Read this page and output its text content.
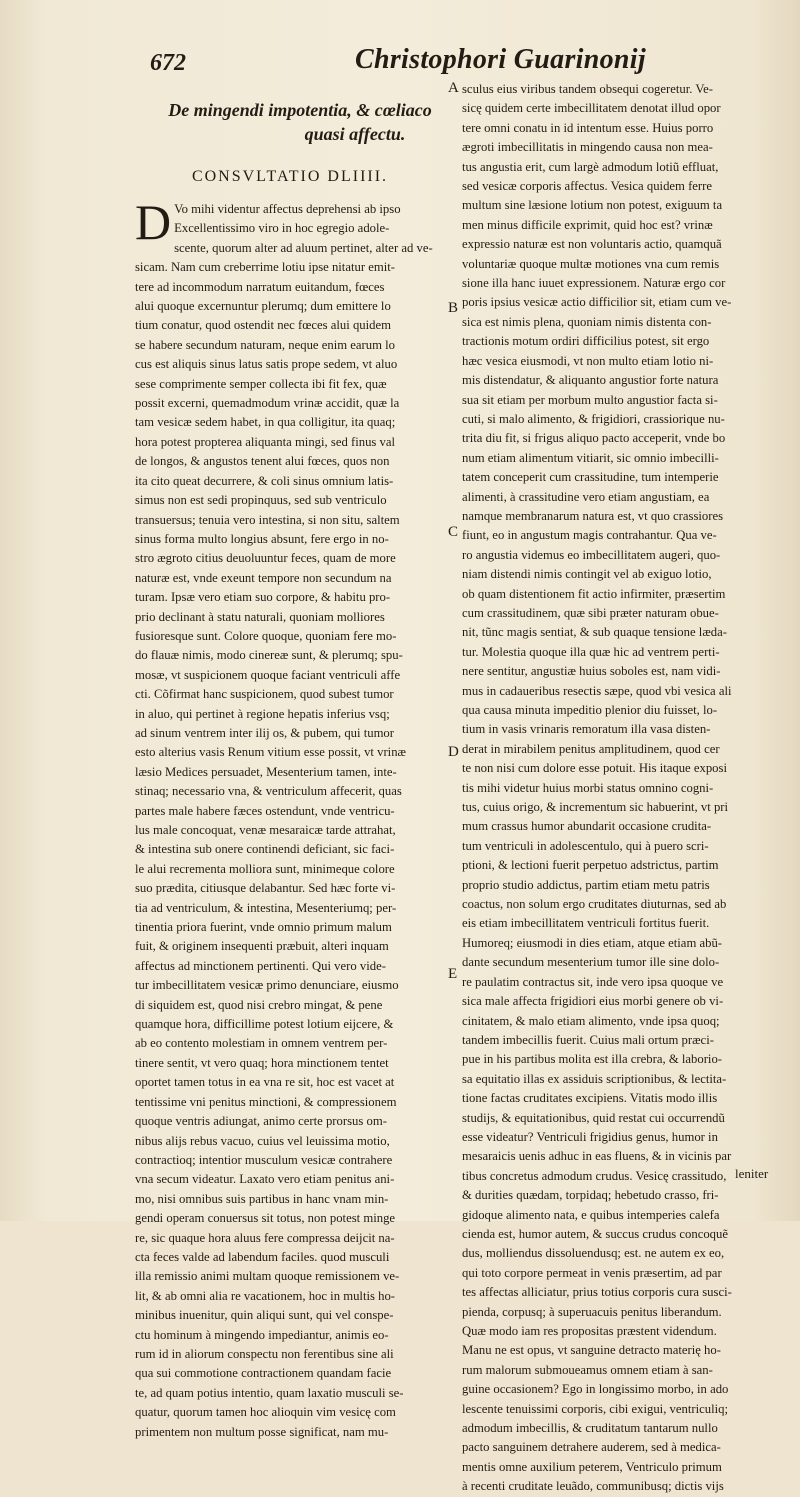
672	Christophori Guarinonij
De mingendi impotentia, & cœliaco
quasi affectu.
CONSVLTATIO DLIIII.
D Vo mihi videntur affectus deprehensi ab ipso
Excellentissimo viro in hoc egregio adole-
scente, quorum alter ad aluum pertinet, alter ad ve-
sicam. Nam cum creberrime lotiu ipse nitatur emit-
tere ad incommodum narratum euitandum, fœces
alui quoque excernuntur plerumq; dum emittere lo
tium conatur, quod ostendit nec fœces alui quidem
se habere secundum naturam, neque enim earum lo
cus est aliquis sinus latus satis prope sedem, vt aluo
sese comprimente semper collecta ibi fit fex, quæ
possit excerni, quemadmodum vrinæ accidit, quæ la
tam vesicæ sedem habet, in qua colligitur, ita quaq;
hora potest propterea aliquanta mingi, sed finus val
de longos, & angustos tenent alui fœces, quos non
ita cito queat decurrere, & coli sinus omnium latis-
simus non est sedi propinquus, sed sub ventriculo
transuersus; tenuia vero intestina, si non situ, saltem
sinus forma multo longius absunt, fere ergo in no-
stro ægroto citius deuoluuntur feces, quam de more
naturæ est, vnde exeunt tempore non secundum na
turam. Ipsæ vero etiam suo corpore, & habitu pro-
prio declinant à statu naturali, quoniam molliores
fusioresque sunt. Colore quoque, quoniam fere mo-
do flauæ nimis, modo cinereæ sunt, & plerumq; spu-
mosæ, vt suspicionem quoque faciant ventriculi affe
cti. Cõfirmat hanc suspicionem, quod subest tumor
in aluo, qui pertinet à regione hepatis inferius vsq;
ad sinum ventrem inter ilij os, & pubem, qui tumor
esto alterius vasis Renum vitium esse possit, vt vrinæ
læsio Medices persuadet, Mesenterium tamen, inte-
stinaq; necessario vna, & ventriculum affecerit, quas
partes male habere fæces ostendunt, vnde ventricu-
lus male concoquat, venæ mesaraicæ tarde attrahat,
& intestina sub onere continendi deficiant, sic faci-
le alui recrementa molliora sunt, minimeque colore
suo prædita, citiusque delabantur. Sed hæc forte vi-
tia ad ventriculum, & intestina, Mesenteriumq; per-
tinentia priora fuerint, vnde omnio primum malum
fuit, & originem insequenti præbuit, alteri inquam
affectus ad minctionem pertinenti. Qui vero vide-
tur imbecillitatem vesicæ primo denunciare, eiusmo
di siquidem est, quod nisi crebro mingat, & pene
quamque hora, difficillime potest lotium eijcere, &
ab eo contento molestiam in omnem ventrem per-
tinere sentit, vt vero quaq; hora minctionem tentet
oportet tamen totus in ea vna re sit, hoc est vacet at
tentissime vni penitus minctioni, & compressionem
quoque ventris adiungat, animo certe prorsus om-
nibus alijs rebus vacuo, cuius vel leuissima motio,
contractioq; intentior musculum vesicæ contrahere
vna secum videatur. Laxato vero etiam penitus ani-
mo, nisi omnibus suis partibus in hanc vnam min-
gendi operam conuersus sit totus, non potest minge
re, sic quaque hora aluus fere compressa deijcit na-
cta feces valde ad labendum faciles. quod musculi
illa remissio animi multam quoque remissionem ve-
lit, & ab omni alia re vacationem, hoc in multis ho-
minibus inuenitur, quin aliqui sunt, qui vel conspe-
ctu hominum à mingendo impediantur, animis eo-
rum id in aliorum conspectu non ferentibus sine ali
qua sui commotione contractionem quandam facie
te, ad quam potius intentio, quam laxatio musculi se-
quatur, quorum tamen hoc alioquin vim vesicę com
primentem non multum posse significat, nam mu-
sculus eius viribus tandem obsequi cogeretur. Ve-
sicę quidem certe imbecillitatem denotat illud opor
tere omni conatu in id intentum esse. Huius porro
ægroti imbecillitatis in mingendo causa non mea-
tus angustia erit, cum largè admodum lotiũ effluat,
sed vesicæ corporis affectus. Vesica quidem ferre
multum sine læsione lotium non potest, exiguum ta
men minus difficile exprimit, quid hoc est? vrinæ
expressio naturæ est non voluntaris actio, quamquã
voluntariæ quoque multæ motiones vna cum remis
sione illa hanc iuuet expressionem. Naturæ ergo cor
poris ipsius vesicæ actio difficilior sit, etiam cum ve-
sica est nimis plena, quoniam nimis distenta con-
tractionis motum ordiri difficilius potest, sit ergo
hæc vesica eiusmodi, vt non multo etiam lotio ni-
mis distendatur, & aliquanto angustior forte natura
sua sit etiam per morbum multo angustior facta si-
cuti, si malo alimento, & frigidiori, crassiorique nu-
trita diu fit, si frigus aliquo pacto acceperit, vnde bo
num etiam alimentum vitiarit, sic omnio imbecilli-
tatem conceperit cum crassitudine, tum intemperie
alimenti, à crassitudine vero etiam angustiam, ea
namque membranarum natura est, vt quo crassiores
fiunt, eo in angustum magis contrahantur. Qua ve-
ro angustia videmus eo imbecillitatem augeri, quo-
niam distendi nimis contingit vel ab exiguo lotio,
ob quam distentionem fit actio infirmiter, præsertim
cum crassitudinem, quæ sibi præter naturam obue-
nit, tũnc magis sentiat, & sub quaque tensione læda-
tur. Molestia quoque illa quæ hic ad ventrem perti-
nere sentitur, angustiæ huius soboles est, nam vidi-
mus in cadaueribus resectis sæpe, quod vbi vesica ali
qua causa minuta impeditio plenior diu fuisset, lo-
tium in vasis vrinaris remoratum illa vasa disten-
derat in mirabilem penitus amplitudinem, quod cer
te non nisi cum dolore esse potuit. His itaque exposi
tis mihi videtur huius morbi status omnino cogni-
tus, cuius origo, & incrementum sic habuerint, vt pri
mum crassus humor abundarit occasione crudita-
tum ventriculi in adolescentulo, qui à puero scri-
ptioni, & lectioni fuerit perpetuo adstrictus, partim
proprio studio addictus, partim etiam metu patris
coactus, non solum ergo cruditates diuturnas, sed ab
eis etiam imbecillitatem ventriculi fortitus fuerit.
Humoreq; eiusmodi in dies etiam, atque etiam abũ-
dante secundum mesenterium tumor ille sine dolo-
re paulatim contractus sit, inde vero ipsa quoque ve
sica male affecta frigidiori eius morbi genere ob vi-
cinitatem, & malo etiam alimento, vnde ipsa quoq;
tandem imbecillis fuerit. Cuius mali ortum præci-
pue in his partibus molita est illa crebra, & laborio-
sa equitatio illas ex assiduis scriptionibus, & lectita-
tione factas cruditates excipiens. Vitatis modo illis
studijs, & equitationibus, quid restat cui occurrendũ
esse videatur? Ventriculi frigidius genus, humor in
mesaraicis uenis adhuc in eas fluens, & in vicinis par
tibus concretus admodum crudus. Vesicę crassitudo,
& durities quædam, torpidaq; hebetudo crasso, fri-
gidoque alimento nata, e quibus intemperies calefa
cienda est, humor autem, & succus crudus concoquẽ
dus, molliendus dissoluendusq; est. ne autem ex eo,
qui toto corpore permeat in venis præsertim, ad par
tes affectas alliciatur, prius totius corporis cura susci-
pienda, corpusq; à superuacuis penitus liberandum.
Quæ modo iam res propositas præstent videndum.
Manu ne est opus, vt sanguine detracto materię ho-
rum malorum submoueamus omnem etiam à san-
guine occasionem? Ego in longissimo morbo, in ado
lescente tenuissimi corporis, cibi exigui, ventriculiq;
admodum imbecillis, & cruditatum tantarum nullo
pacto sanguinem detrahere auderem, sed à medica-
mentis omne auxilium peterem, Ventriculo primum
à recenti cruditate leuãdo, communibusq; dictis vijs
A
B
C
D
E
leniter
